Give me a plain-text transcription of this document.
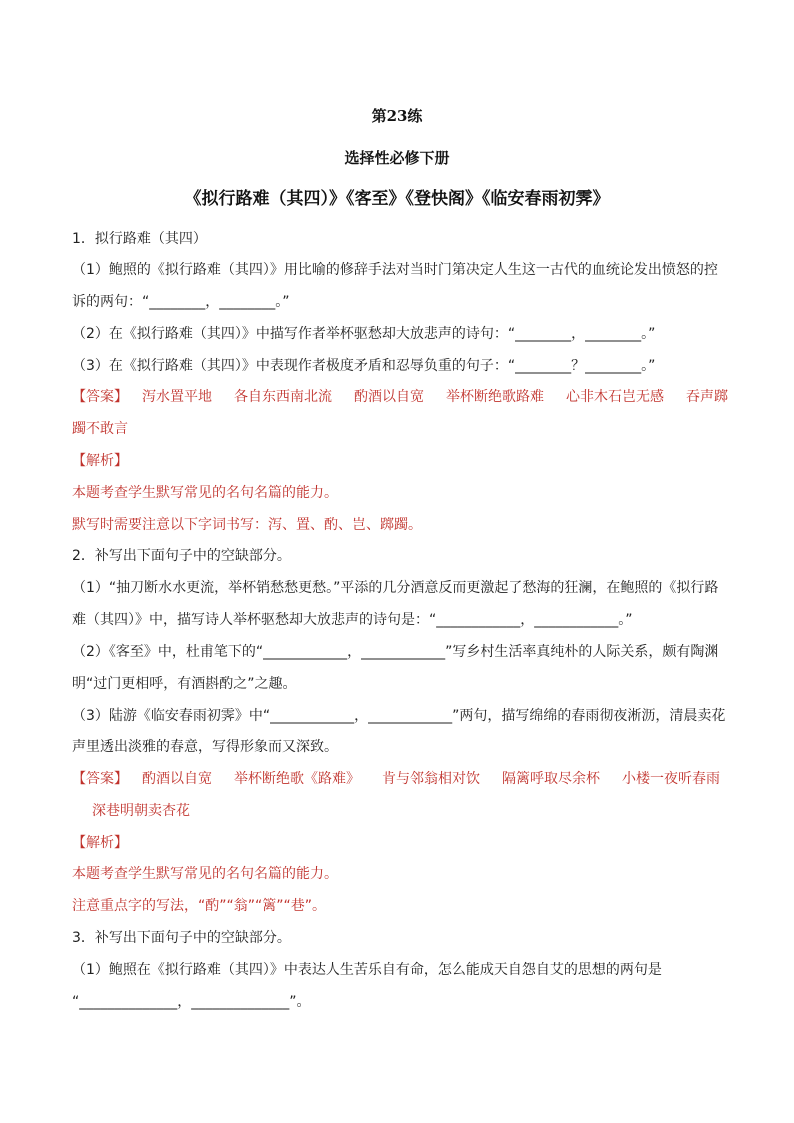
第23练
选择性必修下册
《拟行路难（其四）》《客至》《登快阁》《临安春雨初霁》
1．拟行路难（其四）
（1）鲍照的《拟行路难（其四）》用比喻的修辞手法对当时门第决定人生这一古代的血统论发出愤怒的控
诉的两句：“________，________。”
（2）在《拟行路难（其四）》中描写作者举杯驱愁却大放悲声的诗句：“________，________。”
（3）在《拟行路难（其四）》中表现作者极度矛盾和忍辱负重的句子：“________？________。”
【答案】 泻水置平地 各自东西南北流 酌酒以自宽 举杯断绝歌路难 心非木石岂无感 吞声踯
躅不敢言
【解析】
本题考查学生默写常见的名句名篇的能力。
默写时需要注意以下字词书写：泻、置、酌、岂、踯躅。
2．补写出下面句子中的空缺部分。
（1）“抽刀断水水更流，举杯销愁愁更愁。”平添的几分酒意反而更激起了愁海的狂澜，在鲍照的《拟行路
难（其四）》中，描写诗人举杯驱愁却大放悲声的诗句是：“____________，____________。”
（2）《客至》中，杜甫笔下的“____________，____________”写乡村生活率真纯朴的人际关系，颇有陶渊
明“过门更相呼，有酒斟酌之”之趣。
（3）陆游《临安春雨初霁》中“____________，____________”两句，描写绵绵的春雨彻夜淅沥，清晨卖花
声里透出淡雅的春意，写得形象而又深致。
【答案】 酌酒以自宽 举杯断绝歌《路难》 肯与邻翁相对饮 隔篱呼取尽余杯 小楼一夜听春雨
深巷明朝卖杏花
【解析】
本题考查学生默写常见的名句名篇的能力。
注意重点字的写法，“酌”“翁”“篱”“巷”。
3．补写出下面句子中的空缺部分。
（1）鲍照在《拟行路难（其四）》中表达人生苦乐自有命，怎么能成天自怨自艾的思想的两句是
“______________，______________”。
